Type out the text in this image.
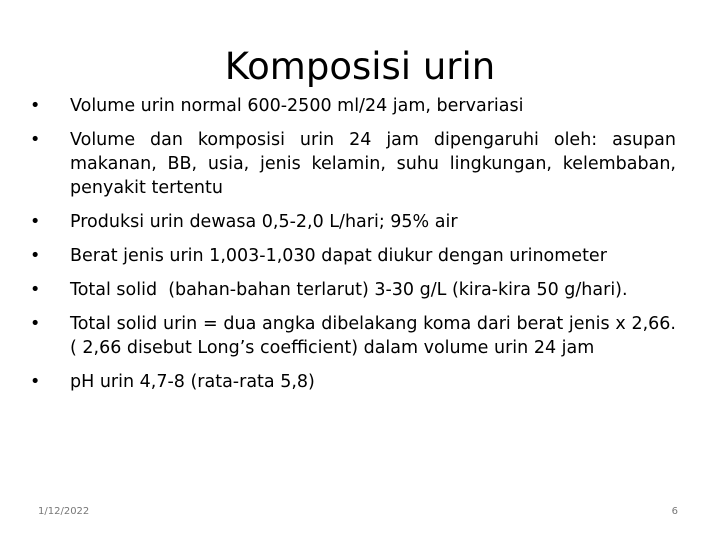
Komposisi urin
•	Volume urin normal 600-2500 ml/24 jam, bervariasi
•	Volume dan komposisi urin 24 jam dipengaruhi oleh: asupan makanan, BB, usia, jenis kelamin, suhu lingkungan, kelembaban, penyakit tertentu
•	Produksi urin dewasa 0,5-2,0 L/hari; 95% air
•	Berat jenis urin 1,003-1,030 dapat diukur dengan urinometer
•	Total solid  (bahan-bahan terlarut) 3-30 g/L (kira-kira 50 g/hari).
•	Total solid urin = dua angka dibelakang koma dari berat jenis x 2,66. ( 2,66 disebut Long’s coefficient) dalam volume urin 24 jam
•	pH urin 4,7-8 (rata-rata 5,8)
1/12/2022	6
